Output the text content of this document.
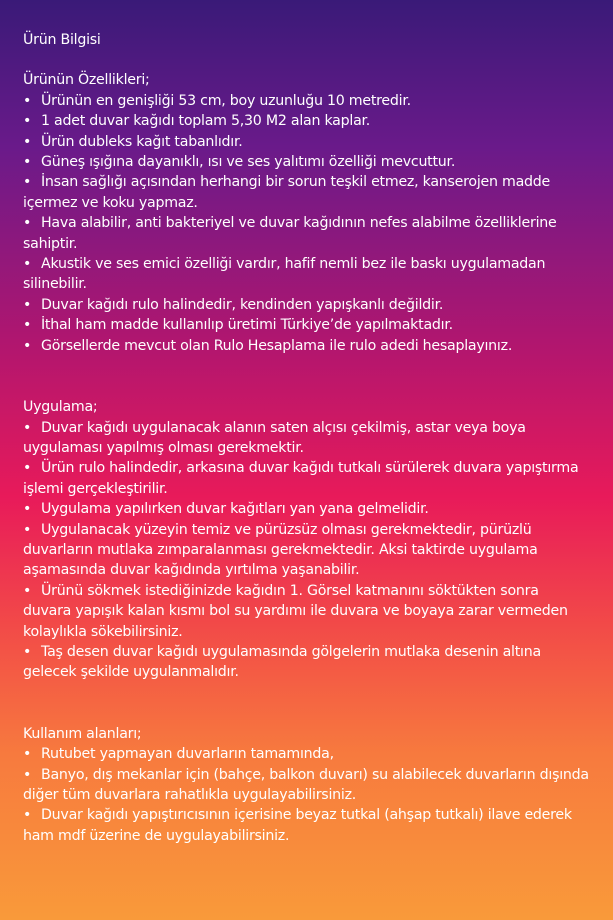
Ürün Bilgisi
Ürünün Özellikleri;
• Ürünün en genişliği 53 cm, boy uzunluğu 10 metredir.
• 1 adet duvar kağıdı toplam 5,30 M2 alan kaplar.
• Ürün dubleks kağıt tabanlıdır.
• Güneş ışığına dayanıklı, ısı ve ses yalıtımı özelliği mevcuttur.
• İnsan sağlığı açısından herhangi bir sorun teşkil etmez, kanserojen madde içermez ve koku yapmaz.
• Hava alabilir, anti bakteriyel ve duvar kağıdının nefes alabilme özelliklerine sahiptir.
• Akustik ve ses emici özelliği vardır, hafif nemli bez ile baskı uygulamadan silinebilir.
• Duvar kağıdı rulo halindedir, kendinden yapışkanlı değildir.
• İthal ham madde kullanılıp üretimi Türkiye’de yapılmaktadır.
• Görsellerde mevcut olan Rulo Hesaplama ile rulo adedi hesaplayınız.
Uygulama;
• Duvar kağıdı uygulanacak alanın saten alçısı çekilmiş, astar veya boya uygulaması yapılmış olması gerekmektir.
• Ürün rulo halindedir, arkasına duvar kağıdı tutkalı sürülerek duvara yapıştırma işlemi gerçekleştirilir.
• Uygulama yapılırken duvar kağıtları yan yana gelmelidir.
• Uygulanacak yüzeyin temiz ve pürüzsüz olması gerekmektedir, pürüzlü duvarların mutlaka zımparalanması gerekmektedir. Aksi taktirde uygulama aşamasında duvar kağıdında yırtılma yaşanabilir.
• Ürünü sökmek istediğinizde kağıdın 1. Görsel katmanını söktükten sonra duvara yapışık kalan kısmı bol su yardımı ile duvara ve boyaya zarar vermeden kolaylıkla sökebilirsiniz.
• Taş desen duvar kağıdı uygulamasında gölgelerin mutlaka desenin altına gelecek şekilde uygulanmalıdır.
Kullanım alanları;
• Rutubet yapmayan duvarların tamamında,
• Banyo, dış mekanlar için (bahçe, balkon duvarı) su alabilecek duvarların dışında diğer tüm duvarlara rahatlıkla uygulayabilirsiniz.
• Duvar kağıdı yapıştırıcısının içerisine beyaz tutkal (ahşap tutkalı) ilave ederek ham mdf üzerine de uygulayabilirsiniz.
